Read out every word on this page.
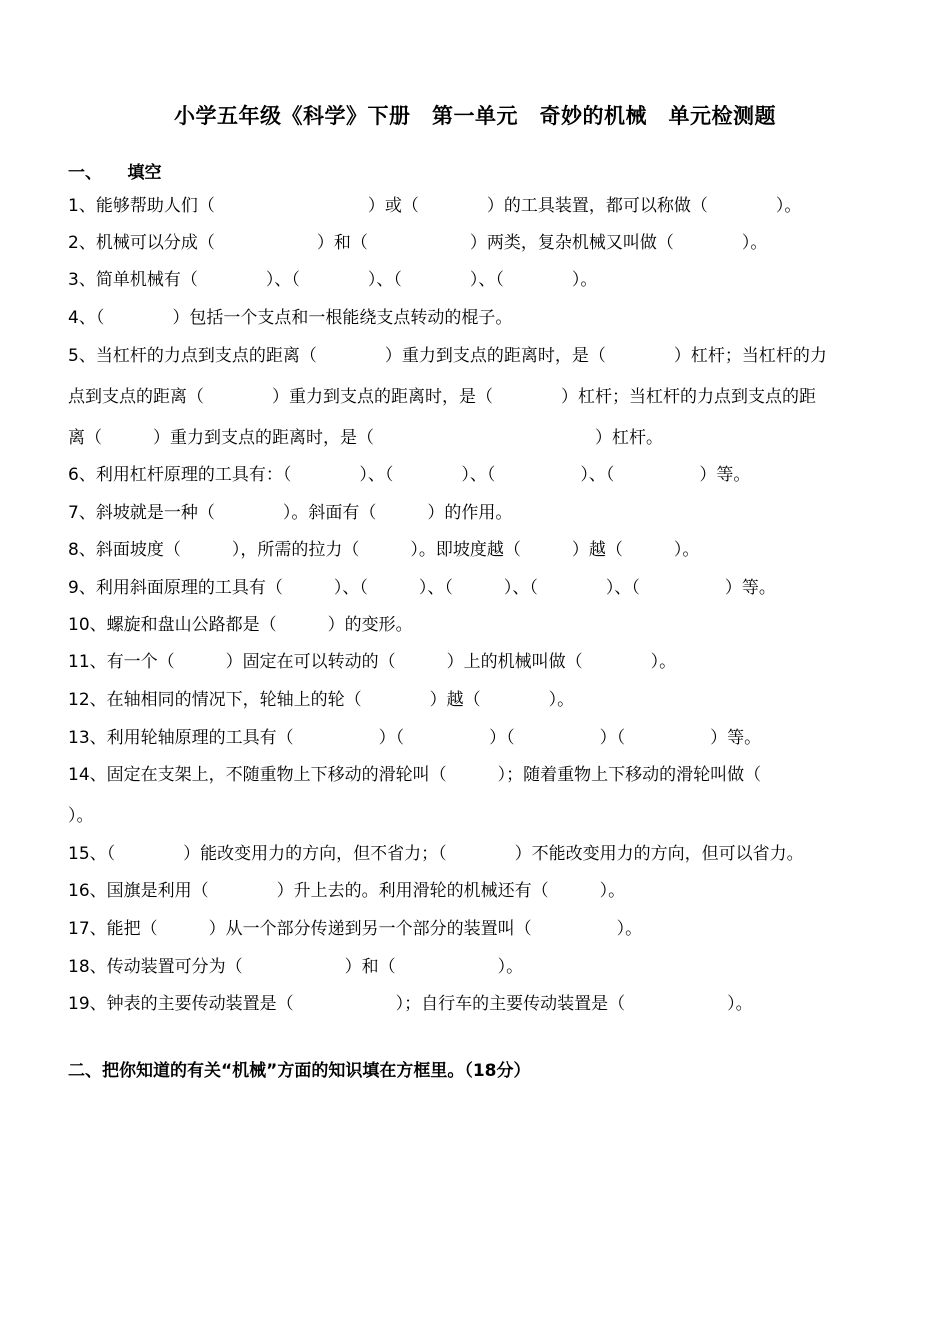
小学五年级《科学》下册　第一单元　奇妙的机械　单元检测题
一、　　填空
1、能够帮助人们（　　　　　　　　　）或（　　　　）的工具装置，都可以称做（　　　　）。
2、机械可以分成（　　　　　　）和（　　　　　　）两类，复杂机械又叫做（　　　　）。
3、简单机械有（　　　　）、（　　　　）、（　　　　）、（　　　　）。
4、（　　　　）包括一个支点和一根能绕支点转动的棍子。
5、当杠杆的力点到支点的距离（　　　　）重力到支点的距离时，是（　　　　）杠杆；当杠杆的力
点到支点的距离（　　　　）重力到支点的距离时，是（　　　　）杠杆；当杠杆的力点到支点的距
离（　　　）重力到支点的距离时，是（　　　　　　　　　　　　　）杠杆。
6、利用杠杆原理的工具有：（　　　　）、（　　　　）、（　　　　　）、（　　　　　）等。
7、斜坡就是一种（　　　　）。斜面有（　　　）的作用。
8、斜面坡度（　　　），所需的拉力（　　　）。即坡度越（　　　）越（　　　）。
9、利用斜面原理的工具有（　　　）、（　　　）、（　　　）、（　　　　）、（　　　　　）等。
10、螺旋和盘山公路都是（　　　）的变形。
11、有一个（　　　）固定在可以转动的（　　　）上的机械叫做（　　　　）。
12、在轴相同的情况下，轮轴上的轮（　　　　）越（　　　　）。
13、利用轮轴原理的工具有（　　　　　）（　　　　　）（　　　　　）（　　　　　）等。
14、固定在支架上，不随重物上下移动的滑轮叫（　　　）；随着重物上下移动的滑轮叫做（
）。
15、（　　　　）能改变用力的方向，但不省力；（　　　　）不能改变用力的方向，但可以省力。
16、国旗是利用（　　　　）升上去的。利用滑轮的机械还有（　　　）。
17、能把（　　　）从一个部分传递到另一个部分的装置叫（　　　　　）。
18、传动装置可分为（　　　　　　）和（　　　　　　）。
19、钟表的主要传动装置是（　　　　　　）；自行车的主要传动装置是（　　　　　　）。
二、把你知道的有关“机械”方面的知识填在方框里。（18分）
